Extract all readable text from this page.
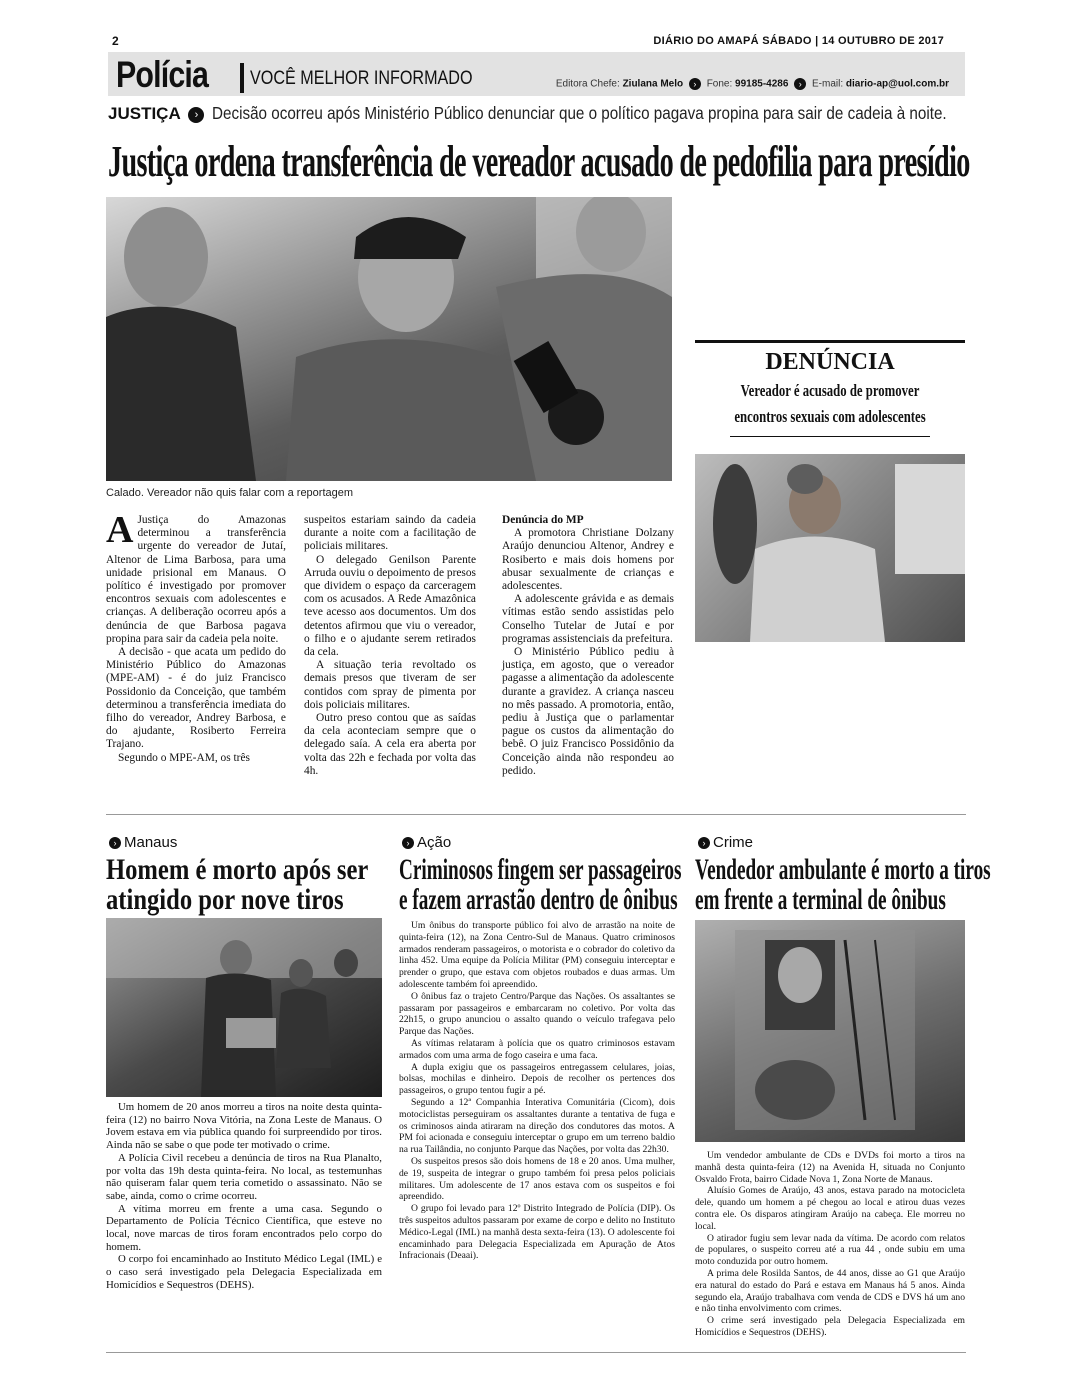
2	DIÁRIO DO AMAPÁ SÁBADO | 14 OUTUBRO DE 2017
Polícia VOCÊ MELHOR INFORMADO	Editora Chefe: Ziulana Melo › Fone: 99185-4286 › E-mail: diario-ap@uol.com.br
JUSTIÇA › Decisão ocorreu após Ministério Público denunciar que o político pagava propina para sair de cadeia à noite.
Justiça ordena transferência de vereador acusado de pedofilia para presídio
Calado. Vereador não quis falar com a reportagem
A Justiça do Amazonas determinou a transferência urgente do vereador de Jutaí, Altenor de Lima Barbosa, para uma unidade prisional em Manaus. O político é investigado por promover encontros sexuais com adolescentes e crianças. A deliberação ocorreu após a denúncia de que Barbosa pagava propina para sair da cadeia pela noite.

A decisão - que acata um pedido do Ministério Público do Amazonas (MPE-AM) - é do juiz Francisco Possidonio da Conceição, que também determinou a transferência imediata do filho do vereador, Andrey Barbosa, e do ajudante, Rosiberto Ferreira Trajano.

Segundo o MPE-AM, os três

suspeitos estariam saindo da cadeia durante a noite com a facilitação de policiais militares.

O delegado Genilson Parente Arruda ouviu o depoimento de presos que dividem o espaço da carceragem com os acusados. A Rede Amazônica teve acesso aos documentos. Um dos detentos afirmou que viu o vereador, o filho e o ajudante serem retirados da cela.

A situação teria revoltado os demais presos que tiveram de ser contidos com spray de pimenta por dois policiais militares.

Outro preso contou que as saídas da cela aconteciam sempre que o delegado saía. A cela era aberta por volta das 22h e fechada por volta das 4h.

Denúncia do MP

A promotora Christiane Dolzany Araújo denunciou Altenor, Andrey e Rosiberto e mais dois homens por abusar sexualmente de crianças e adolescentes.

A adolescente grávida e as demais vítimas estão sendo assistidas pelo Conselho Tutelar de Jutaí e por programas assistenciais da prefeitura.

O Ministério Público pediu à justiça, em agosto, que o vereador pagasse a alimentação da adolescente durante a gravidez. A criança nasceu no mês passado. A promotoria, então, pediu à Justiça que o parlamentar pague os custos da alimentação do bebê. O juiz Francisco Possidônio da Conceição ainda não respondeu ao pedido.

DENÚNCIA
Vereador é acusado de promover
encontros sexuais com adolescentes
› Manaus
Homem é morto após ser
atingido por nove tiros

Um homem de 20 anos morreu a tiros na noite desta quinta-feira (12) no bairro Nova Vitória, na Zona Leste de Manaus. O Jovem estava em via pública quando foi surpreendido por tiros. Ainda não se sabe o que pode ter motivado o crime.

A Polícia Civil recebeu a denúncia de tiros na Rua Planalto, por volta das 19h desta quinta-feira. No local, as testemunhas não quiseram falar quem teria cometido o assassinato. Não se sabe, ainda, como o crime ocorreu.

A vítima morreu em frente a uma casa. Segundo o Departamento de Polícia Técnico Científica, que esteve no local, nove marcas de tiros foram encontrados pelo corpo do homem.

O corpo foi encaminhado ao Instituto Médico Legal (IML) e o caso será investigado pela Delegacia Especializada em Homicídios e Sequestros (DEHS).

› Ação
Criminosos fingem ser passageiros
e fazem arrastão dentro de ônibus

Um ônibus do transporte público foi alvo de arrastão na noite de quinta-feira (12), na Zona Centro-Sul de Manaus. Quatro criminosos armados renderam passageiros, o motorista e o cobrador do coletivo da linha 452. Uma equipe da Polícia Militar (PM) conseguiu interceptar e prender o grupo, que estava com objetos roubados e duas armas. Um adolescente também foi apreendido.

O ônibus faz o trajeto Centro/Parque das Nações. Os assaltantes se passaram por passageiros e embarcaram no coletivo. Por volta das 22h15, o grupo anunciou o assalto quando o veículo trafegava pelo Parque das Nações.

As vítimas relataram à polícia que os quatro criminosos estavam armados com uma arma de fogo caseira e uma faca.

A dupla exigiu que os passageiros entregassem celulares, joias, bolsas, mochilas e dinheiro. Depois de recolher os pertences dos passageiros, o grupo tentou fugir a pé.

Segundo a 12ª Companhia Interativa Comunitária (Cicom), dois motociclistas perseguiram os assaltantes durante a tentativa de fuga e os criminosos ainda atiraram na direção dos condutores das motos. A PM foi acionada e conseguiu interceptar o grupo em um terreno baldio na rua Tailândia, no conjunto Parque das Nações, por volta das 22h30.

Os suspeitos presos são dois homens de 18 e 20 anos. Uma mulher, de 19, suspeita de integrar o grupo também foi presa pelos policiais militares. Um adolescente de 17 anos estava com os suspeitos e foi apreendido.

O grupo foi levado para 12º Distrito Integrado de Polícia (DIP). Os três suspeitos adultos passaram por exame de corpo e delito no Instituto Médico-Legal (IML) na manhã desta sexta-feira (13). O adolescente foi encaminhado para Delegacia Especializada em Apuração de Atos Infracionais (Deaai).

› Crime
Vendedor ambulante é morto a tiros
em frente a terminal de ônibus

Um vendedor ambulante de CDs e DVDs foi morto a tiros na manhã desta quinta-feira (12) na Avenida H, situada no Conjunto Osvaldo Frota, bairro Cidade Nova 1, Zona Norte de Manaus.

Aluísio Gomes de Araújo, 43 anos, estava parado na motocicleta dele, quando um homem a pé chegou ao local e atirou duas vezes contra ele. Os disparos atingiram Araújo na cabeça. Ele morreu no local.

O atirador fugiu sem levar nada da vítima. De acordo com relatos de populares, o suspeito correu até a rua 44 , onde subiu em uma moto conduzida por outro homem.

A prima dele Rosilda Santos, de 44 anos, disse ao G1 que Araújo era natural do estado do Pará e estava em Manaus há 5 anos. Ainda segundo ela, Araújo trabalhava com venda de CDS e DVS há um ano e não tinha envolvimento com crimes.

O crime será investigado pela Delegacia Especializada em Homicídios e Sequestros (DEHS).
